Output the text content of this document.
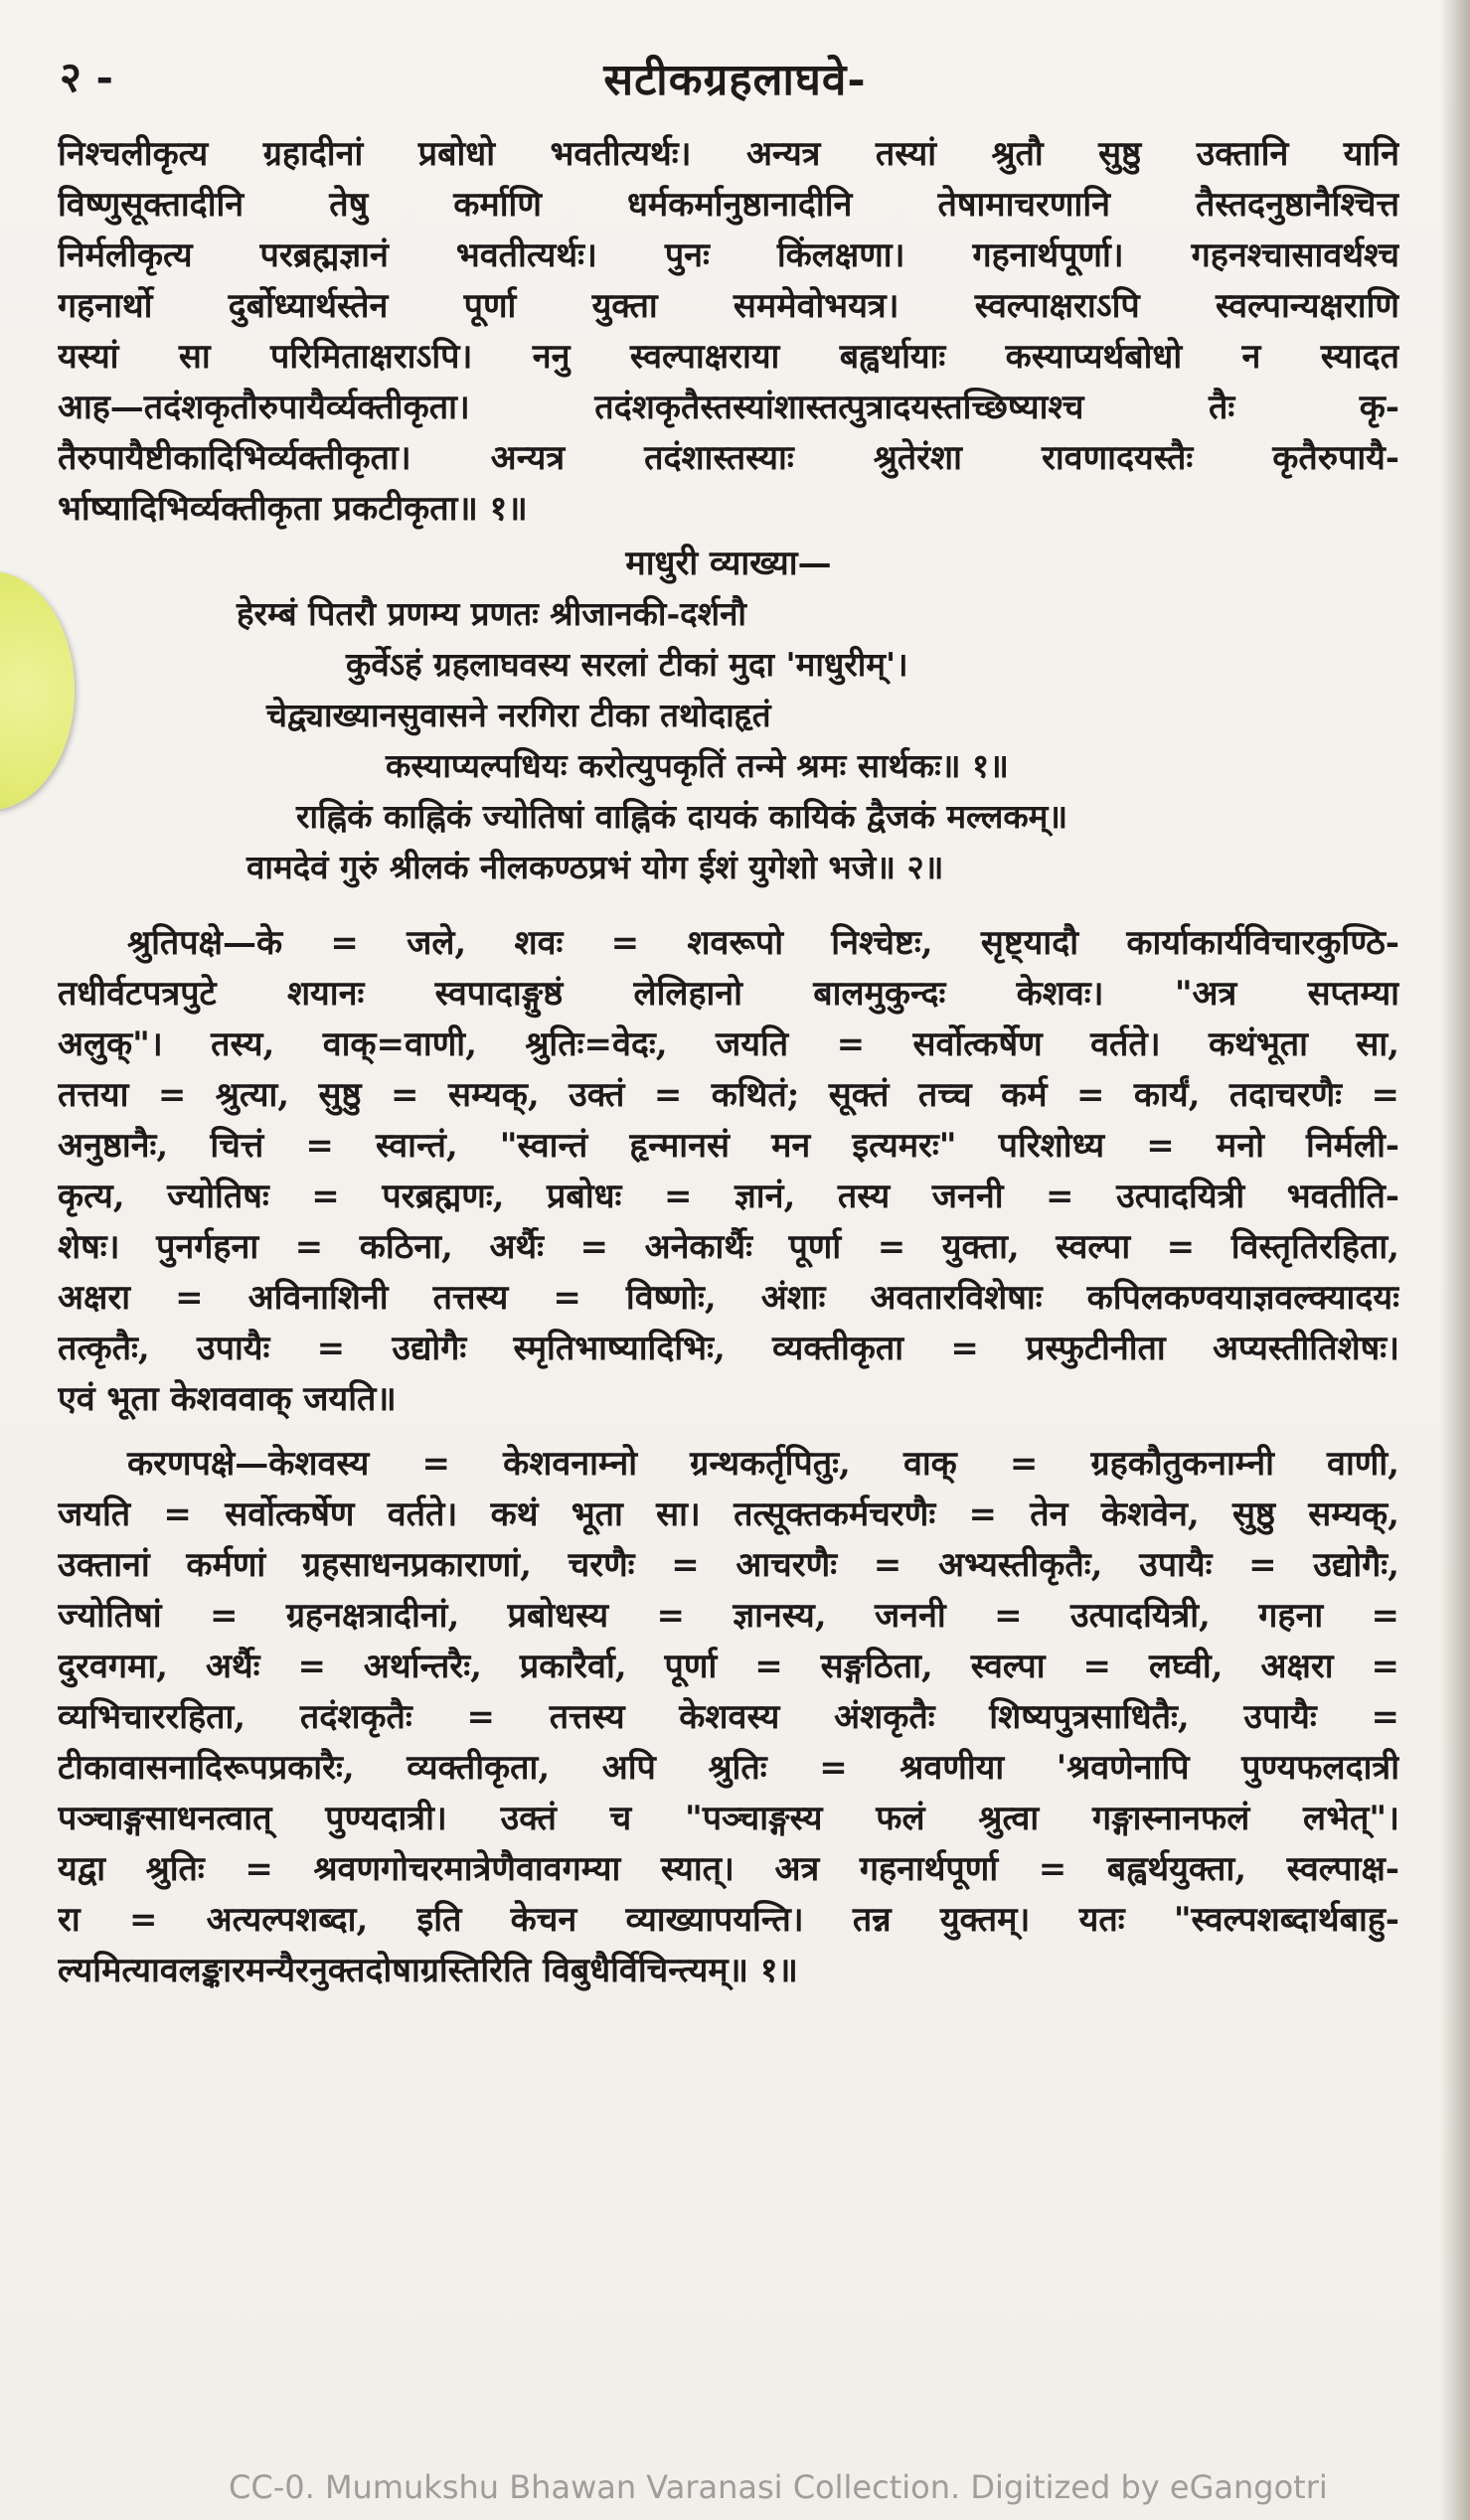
२ -	सटीकग्रहलाघवे-
निश्चलीकृत्य ग्रहादीनां प्रबोधो भवतीत्यर्थः। अन्यत्र तस्यां श्रुतौ सुष्ठु उक्तानि यानि
विष्णुसूक्तादीनि तेषु कर्माणि धर्मकर्मानुष्ठानादीनि तेषामाचरणानि तैस्तदनुष्ठानैश्चित्त
निर्मलीकृत्य परब्रह्मज्ञानं भवतीत्यर्थः। पुनः किंलक्षणा। गहनार्थपूर्णा। गहनश्चासावर्थश्च
गहनार्थो दुर्बोध्यार्थस्तेन पूर्णा युक्ता सममेवोभयत्र। स्वल्पाक्षराऽपि स्वल्पान्यक्षराणि
यस्यां सा परिमिताक्षराऽपि। ननु स्वल्पाक्षराया बह्वर्थायाः कस्याप्यर्थबोधो न स्यादत
आह—तदंशकृतौरुपायैर्व्यक्तीकृता। तदंशकृतैस्तस्यांशास्तत्पुत्रादयस्तच्छिष्याश्च तैः कृ-
तैरुपायैष्टीकादिभिर्व्यक्तीकृता। अन्यत्र तदंशास्तस्याः श्रुतेरंशा रावणादयस्तैः कृतैरुपायै-
र्भाष्यादिभिर्व्यक्तीकृता प्रकटीकृता॥ १॥
माधुरी व्याख्या—
हेरम्बं पितरौ प्रणम्य प्रणतः श्रीजानकी-दर्शनौ
कुर्वेऽहं ग्रहलाघवस्य सरलां टीकां मुदा 'माधुरीम्'।
चेद्व्याख्यानसुवासने नरगिरा टीका तथोदाहृतं
कस्याप्यल्पधियः करोत्युपकृतिं तन्मे श्रमः सार्थकः॥ १॥
राह्निकं काह्निकं ज्योतिषां वाह्निकं दायकं कायिकं द्वैजकं मल्लकम्॥
वामदेवं गुरुं श्रीलकं नीलकण्ठप्रभं योग ईशं युगेशो भजे॥ २॥
श्रुतिपक्षे—के = जले, शवः = शवरूपो निश्चेष्टः, सृष्ट्यादौ कार्याकार्यविचारकुण्ठि-
तधीर्वटपत्रपुटे शयानः स्वपादाङ्गुष्ठं लेलिहानो बालमुकुन्दः केशवः। "अत्र सप्तम्या
अलुक्"। तस्य, वाक्=वाणी, श्रुतिः=वेदः, जयति = सर्वोत्कर्षेण वर्तते। कथंभूता सा,
तत्तया = श्रुत्या, सुष्ठु = सम्यक्, उक्तं = कथितं; सूक्तं तच्च कर्म = कार्यं, तदाचरणैः =
अनुष्ठानैः, चित्तं = स्वान्तं, "स्वान्तं हृन्मानसं मन इत्यमरः" परिशोध्य = मनो निर्मली-
कृत्य, ज्योतिषः = परब्रह्मणः, प्रबोधः = ज्ञानं, तस्य जननी = उत्पादयित्री भवतीति-
शेषः। पुनर्गहना = कठिना, अर्थैः = अनेकार्थैः पूर्णा = युक्ता, स्वल्पा = विस्तृतिरहिता,
अक्षरा = अविनाशिनी तत्तस्य = विष्णोः, अंशाः अवतारविशेषाः कपिलकण्वयाज्ञवल्क्यादयः
तत्कृतैः, उपायैः = उद्योगैः स्मृतिभाष्यादिभिः, व्यक्तीकृता = प्रस्फुटीनीता अप्यस्तीतिशेषः।
एवं भूता केशववाक् जयति॥
करणपक्षे—केशवस्य = केशवनाम्नो ग्रन्थकर्तृपितुः, वाक् = ग्रहकौतुकनाम्नी वाणी,
जयति = सर्वोत्कर्षेण वर्तते। कथं भूता सा। तत्सूक्तकर्मचरणैः = तेन केशवेन, सुष्ठु सम्यक्,
उक्तानां कर्मणां ग्रहसाधनप्रकाराणां, चरणैः = आचरणैः = अभ्यस्तीकृतैः, उपायैः = उद्योगैः,
ज्योतिषां = ग्रहनक्षत्रादीनां, प्रबोधस्य = ज्ञानस्य, जननी = उत्पादयित्री, गहना =
दुरवगमा, अर्थैः = अर्थान्तरैः, प्रकारैर्वा, पूर्णा = सङ्गठिता, स्वल्पा = लघ्वी, अक्षरा =
व्यभिचाररहिता, तदंशकृतैः = तत्तस्य केशवस्य अंशकृतैः शिष्यपुत्रसाधितैः, उपायैः =
टीकावासनादिरूपप्रकारैः, व्यक्तीकृता, अपि श्रुतिः = श्रवणीया 'श्रवणेनापि पुण्यफलदात्री
पञ्चाङ्गसाधनत्वात् पुण्यदात्री। उक्तं च "पञ्चाङ्गस्य फलं श्रुत्वा गङ्गास्नानफलं लभेत्"।
यद्वा श्रुतिः = श्रवणगोचरमात्रेणैवावगम्या स्यात्। अत्र गहनार्थपूर्णा = बह्वर्थयुक्ता, स्वल्पाक्ष-
रा = अत्यल्पशब्दा, इति केचन व्याख्यापयन्ति। तन्न युक्तम्। यतः "स्वल्पशब्दार्थबाहु-
ल्यमित्यावलङ्कारमन्यैरनुक्तदोषाग्रस्तिरिति विबुधैर्विचिन्त्यम्॥ १॥
CC-0. Mumukshu Bhawan Varanasi Collection. Digitized by eGangotri
